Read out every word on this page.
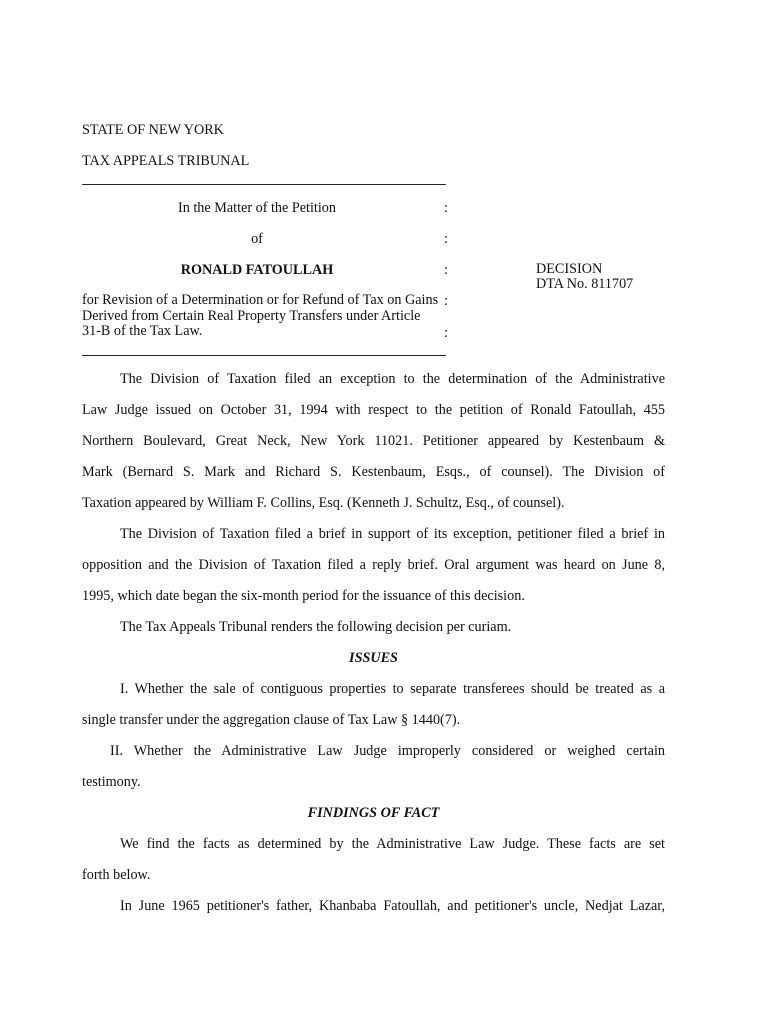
STATE OF NEW YORK
TAX APPEALS TRIBUNAL
In the Matter of the Petition	:
of	:
RONALD FATOULLAH	:	DECISION
DTA No. 811707
for Revision of a Determination or for Refund of Tax on Gains Derived from Certain Real Property Transfers under Article 31-B of the Tax Law.
:
:
The Division of Taxation filed an exception to the determination of the Administrative
Law Judge issued on October 31, 1994 with respect to the petition of Ronald Fatoullah, 455
Northern Boulevard, Great Neck, New York 11021. Petitioner appeared by Kestenbaum &
Mark (Bernard S. Mark and Richard S. Kestenbaum, Esqs., of counsel). The Division of
Taxation appeared by William F. Collins, Esq. (Kenneth J. Schultz, Esq., of counsel).
The Division of Taxation filed a brief in support of its exception, petitioner filed a brief in
opposition and the Division of Taxation filed a reply brief. Oral argument was heard on June 8,
1995, which date began the six-month period for the issuance of this decision.
The Tax Appeals Tribunal renders the following decision per curiam.
ISSUES
I. Whether the sale of contiguous properties to separate transferees should be treated as a
single transfer under the aggregation clause of Tax Law § 1440(7).
II. Whether the Administrative Law Judge improperly considered or weighed certain
testimony.
FINDINGS OF FACT
We find the facts as determined by the Administrative Law Judge. These facts are set
forth below.
In June 1965 petitioner's father, Khanbaba Fatoullah, and petitioner's uncle, Nedjat Lazar,
